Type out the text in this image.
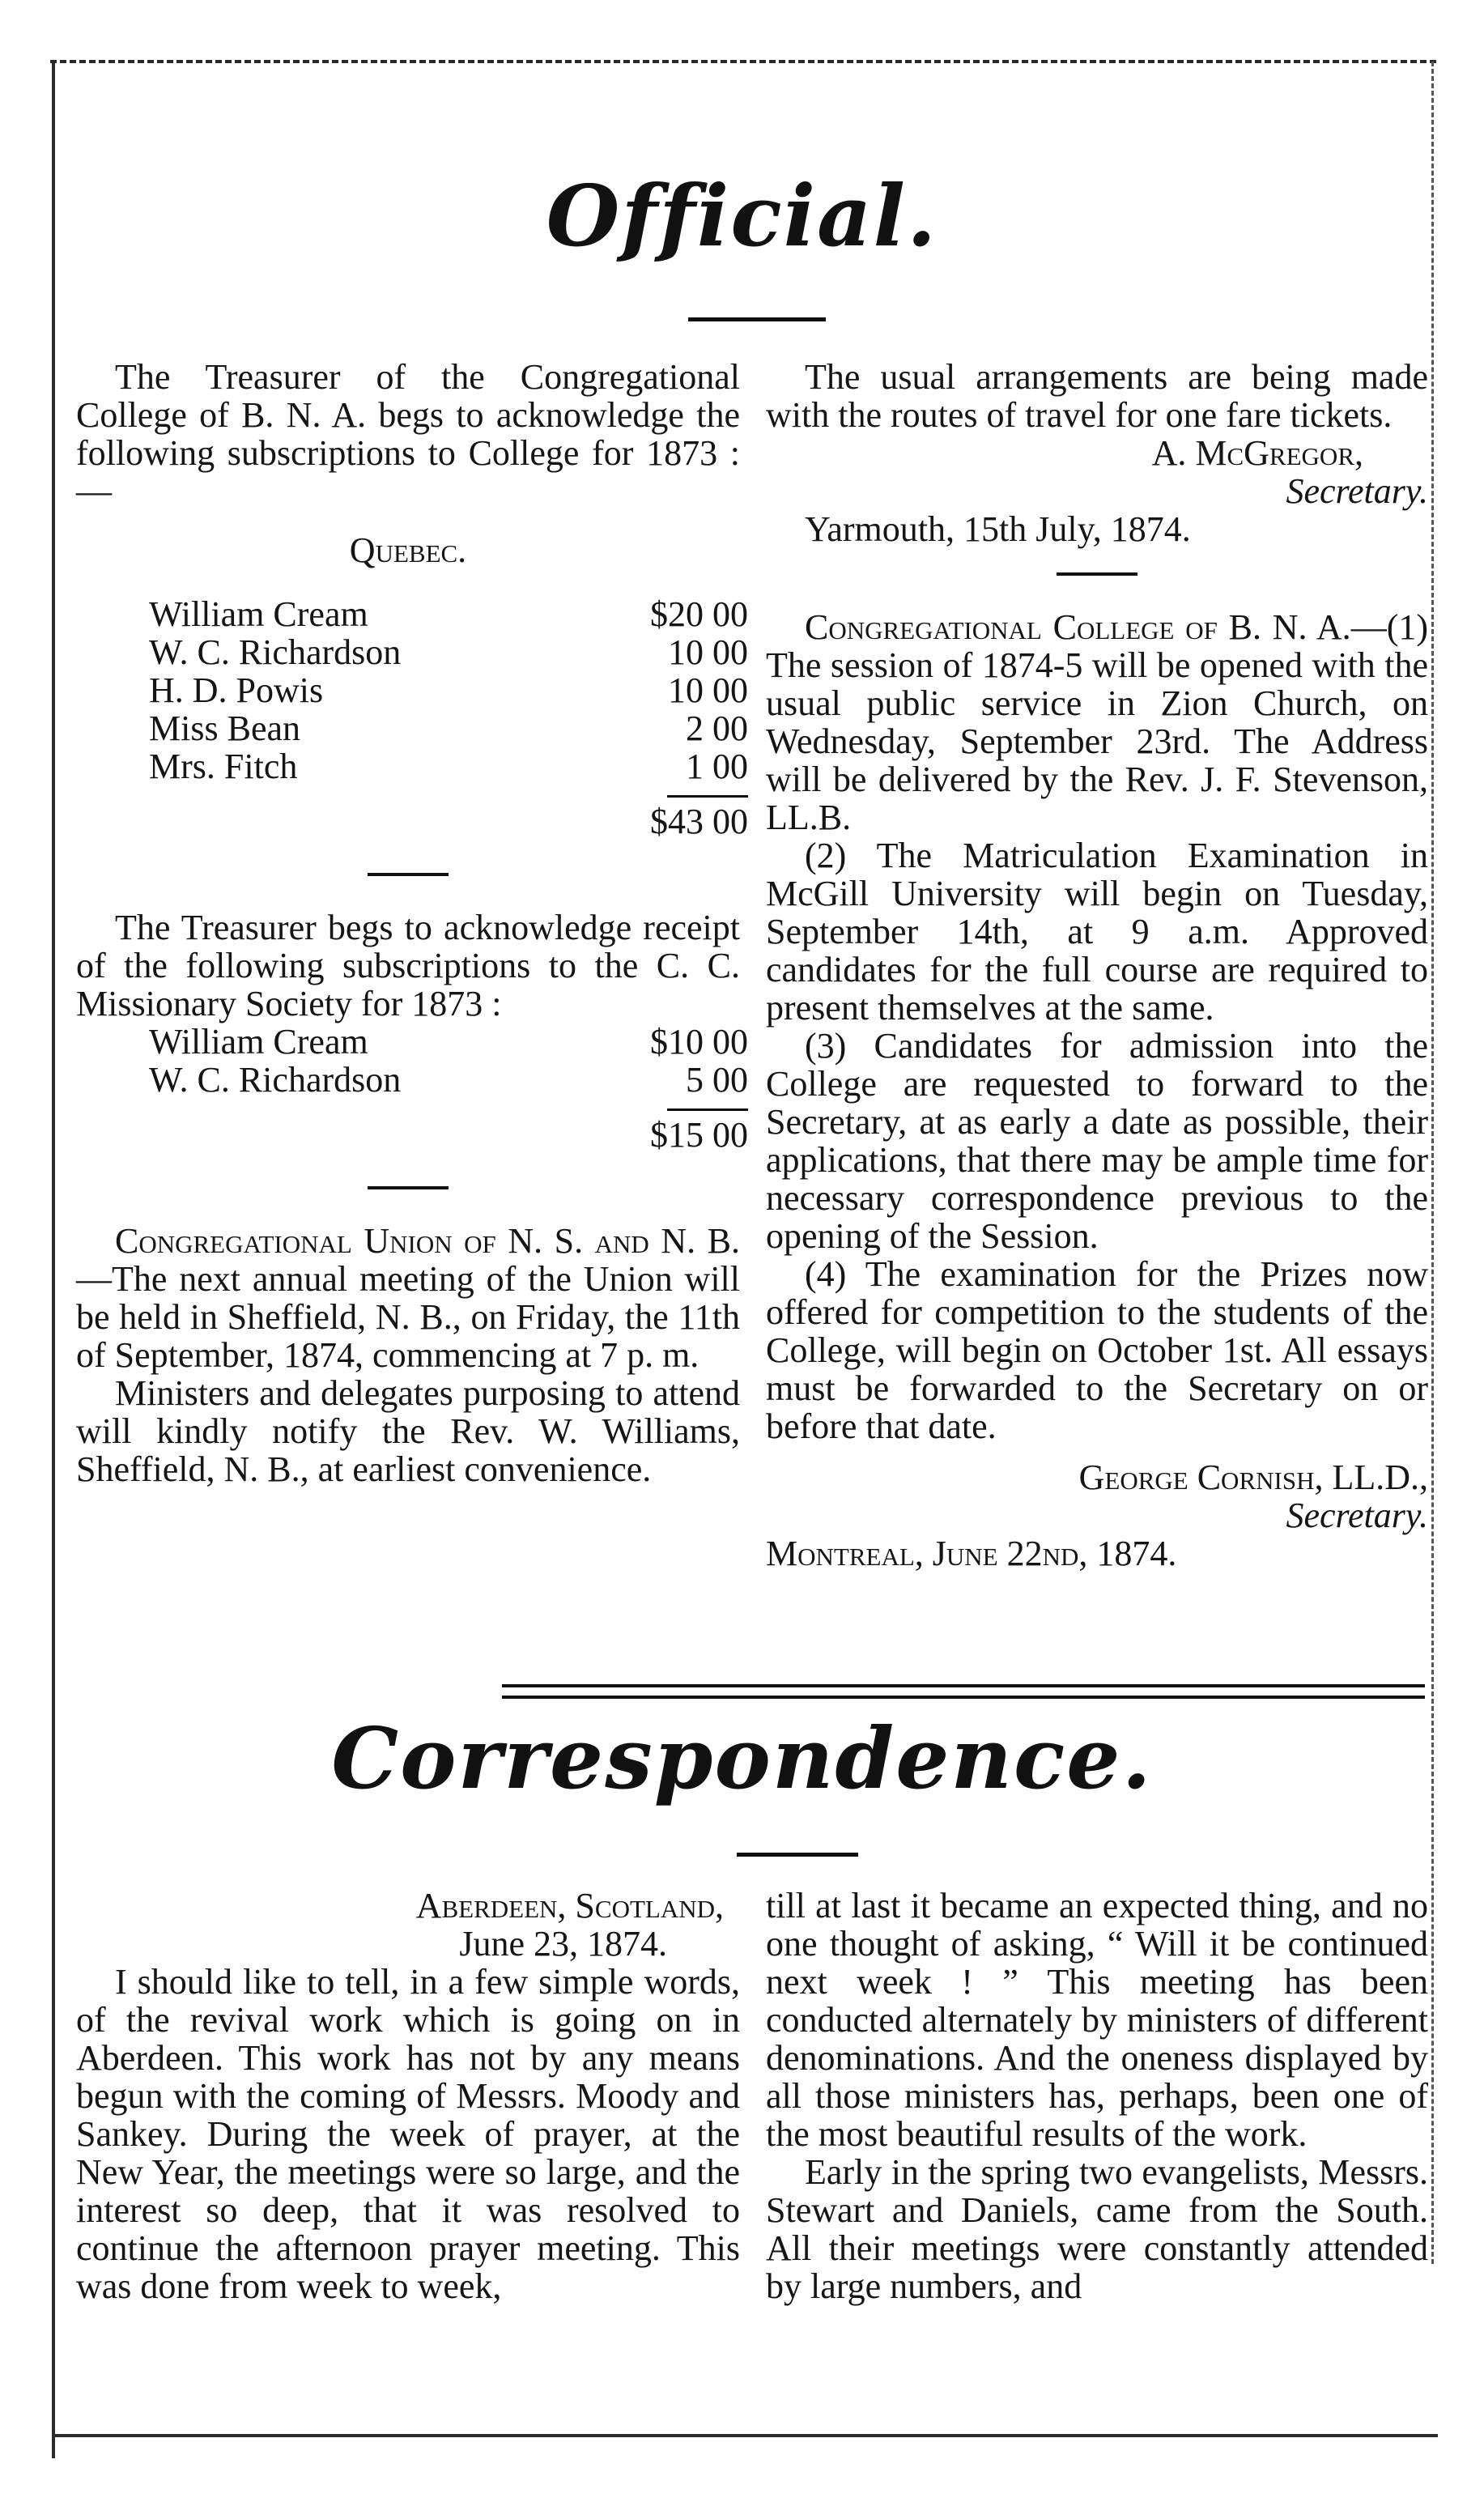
Official.

The Treasurer of the Congregational College of B. N. A. begs to acknowledge the following subscriptions to College for 1873 :—

Quebec.

William Cream	$20 00
W. C. Richardson	10 00
H. D. Powis	10 00
Miss Bean	2 00
Mrs. Fitch	1 00
$43 00

The Treasurer begs to acknowledge receipt of the following subscriptions to the C. C. Missionary Society for 1873 :

William Cream	$10 00
W. C. Richardson	5 00
$15 00

Congregational Union of N. S. and N. B.—The next annual meeting of the Union will be held in Sheffield, N. B., on Friday, the 11th of September, 1874, commencing at 7 p. m.

Ministers and delegates purposing to attend will kindly notify the Rev. W. Williams, Sheffield, N. B., at earliest convenience.

The usual arrangements are being made with the routes of travel for one fare tickets.

A. McGregor,

Secretary.

Yarmouth, 15th July, 1874.

Congregational College of B. N. A.—(1) The session of 1874-5 will be opened with the usual public service in Zion Church, on Wednesday, September 23rd. The Address will be delivered by the Rev. J. F. Stevenson, LL.B.

(2) The Matriculation Examination in McGill University will begin on Tuesday, September 14th, at 9 a.m. Approved candidates for the full course are required to present themselves at the same.

(3) Candidates for admission into the College are requested to forward to the Secretary, at as early a date as possible, their applications, that there may be ample time for necessary correspondence previous to the opening of the Session.

(4) The examination for the Prizes now offered for competition to the students of the College, will begin on October 1st. All essays must be forwarded to the Secretary on or before that date.

George Cornish, LL.D.,

Secretary.

Montreal, June 22nd, 1874.

Correspondence.

Aberdeen, Scotland,

June 23, 1874.

I should like to tell, in a few simple words, of the revival work which is going on in Aberdeen. This work has not by any means begun with the coming of Messrs. Moody and Sankey. During the week of prayer, at the New Year, the meetings were so large, and the interest so deep, that it was resolved to continue the afternoon prayer meeting. This was done from week to week,

till at last it became an expected thing, and no one thought of asking, “ Will it be continued next week ! ” This meeting has been conducted alternately by ministers of different denominations. And the oneness displayed by all those ministers has, perhaps, been one of the most beautiful results of the work.

Early in the spring two evangelists, Messrs. Stewart and Daniels, came from the South. All their meetings were constantly attended by large numbers, and
